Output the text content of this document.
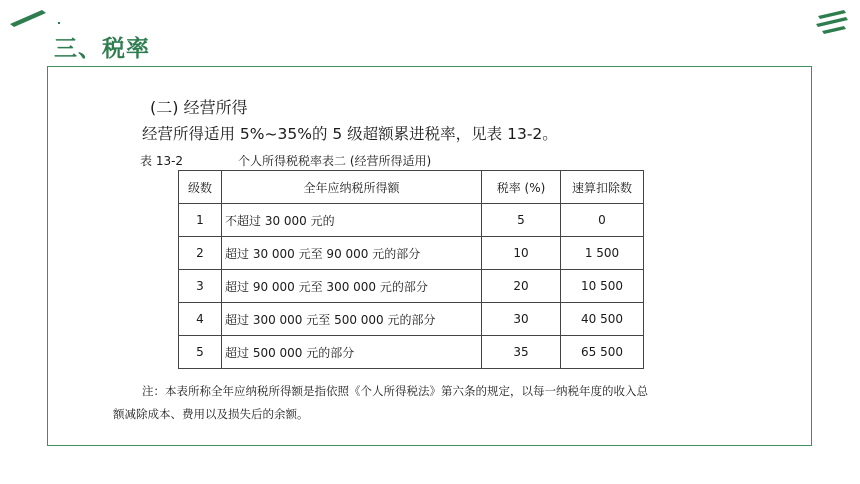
三、税率
(二) 经营所得
经营所得适用 5%~35%的 5 级超额累进税率，见表 13-2。
表 13-2	个人所得税税率表二 (经营所得适用)
级数	全年应纳税所得额	税率 (%)	速算扣除数
1	不超过 30 000 元的	5	0
2	超过 30 000 元至 90 000 元的部分	10	1 500
3	超过 90 000 元至 300 000 元的部分	20	10 500
4	超过 300 000 元至 500 000 元的部分	30	40 500
5	超过 500 000 元的部分	35	65 500
注：本表所称全年应纳税所得额是指依照《个人所得税法》第六条的规定，以每一纳税年度的收入总
额减除成本、费用以及损失后的余额。
